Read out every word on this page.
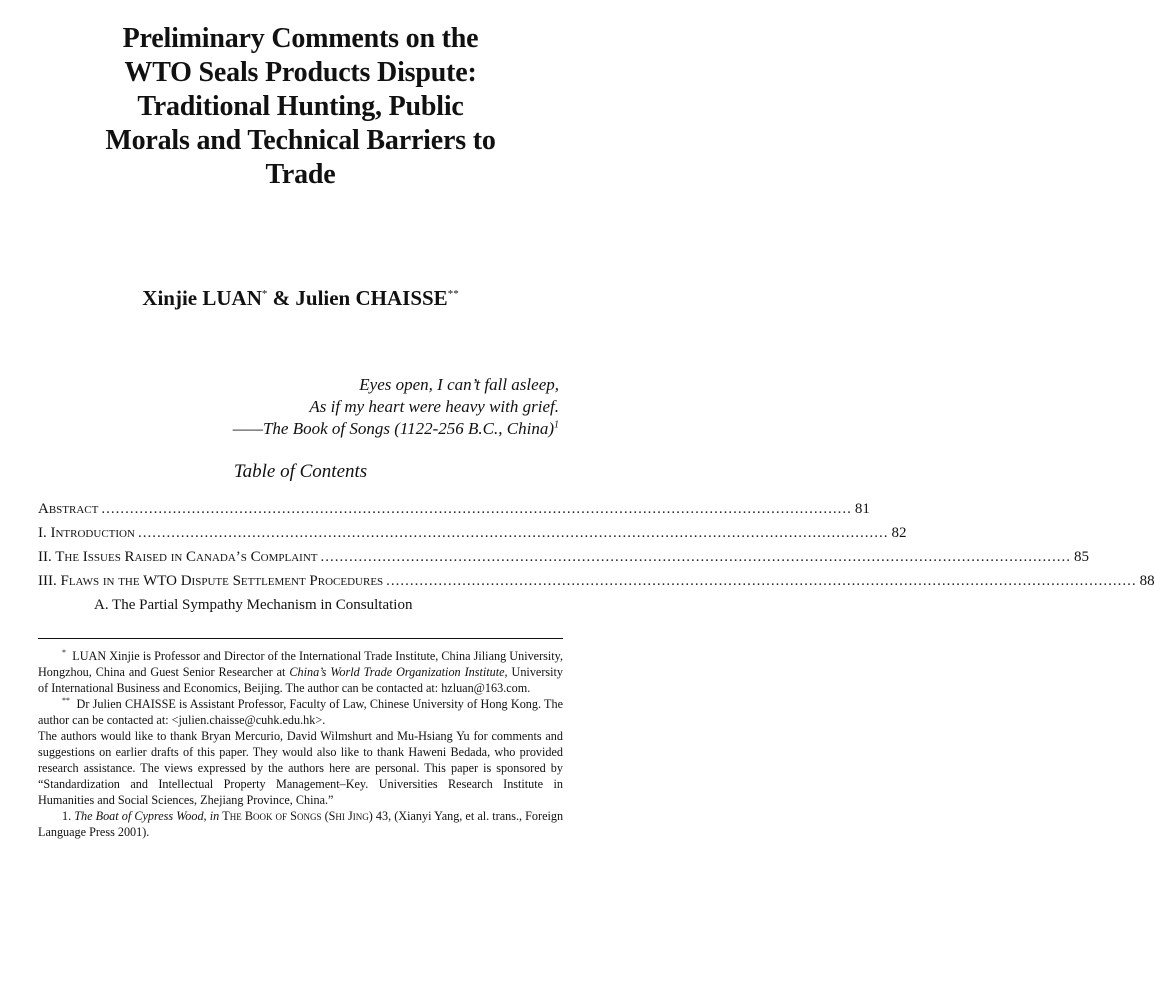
Preliminary Comments on the
WTO Seals Products Dispute:
Traditional Hunting, Public
Morals and Technical Barriers to
Trade
Xinjie LUAN* & Julien CHAISSE**
Eyes open, I can’t fall asleep,
As if my heart were heavy with grief.
——The Book of Songs (1122-256 B.C., China)$^1$
Table of Contents
Abstract .............................................................................................................................................................. 81
I. Introduction .............................................................................................................................................................. 82
II. The Issues Raised in Canada’s Complaint .............................................................................................................................................................. 85
III. Flaws in the WTO Dispute Settlement Procedures .............................................................................................................................................................. 88
A. The Partial Sympathy Mechanism in Consultation

* LUAN Xinjie is Professor and Director of the International Trade Institute, China Jiliang University, Hongzhou, China and Guest Senior Researcher at China’s World Trade Organization Institute, University of International Business and Economics, Beijing. The author can be contacted at: hzluan@163.com.

** Dr Julien CHAISSE is Assistant Professor, Faculty of Law, Chinese University of Hong Kong. The author can be contacted at: <julien.chaisse@cuhk.edu.hk>.

The authors would like to thank Bryan Mercurio, David Wilmshurt and Mu-Hsiang Yu for comments and suggestions on earlier drafts of this paper. They would also like to thank Haweni Bedada, who provided research assistance. The views expressed by the authors here are personal. This paper is sponsored by “Standardization and Intellectual Property Management–Key. Universities Research Institute in Humanities and Social Sciences, Zhejiang Province, China.”

1. The Boat of Cypress Wood, in The Book of Songs (Shi Jing) 43, (Xianyi Yang, et al. trans., Foreign Language Press 2001).
